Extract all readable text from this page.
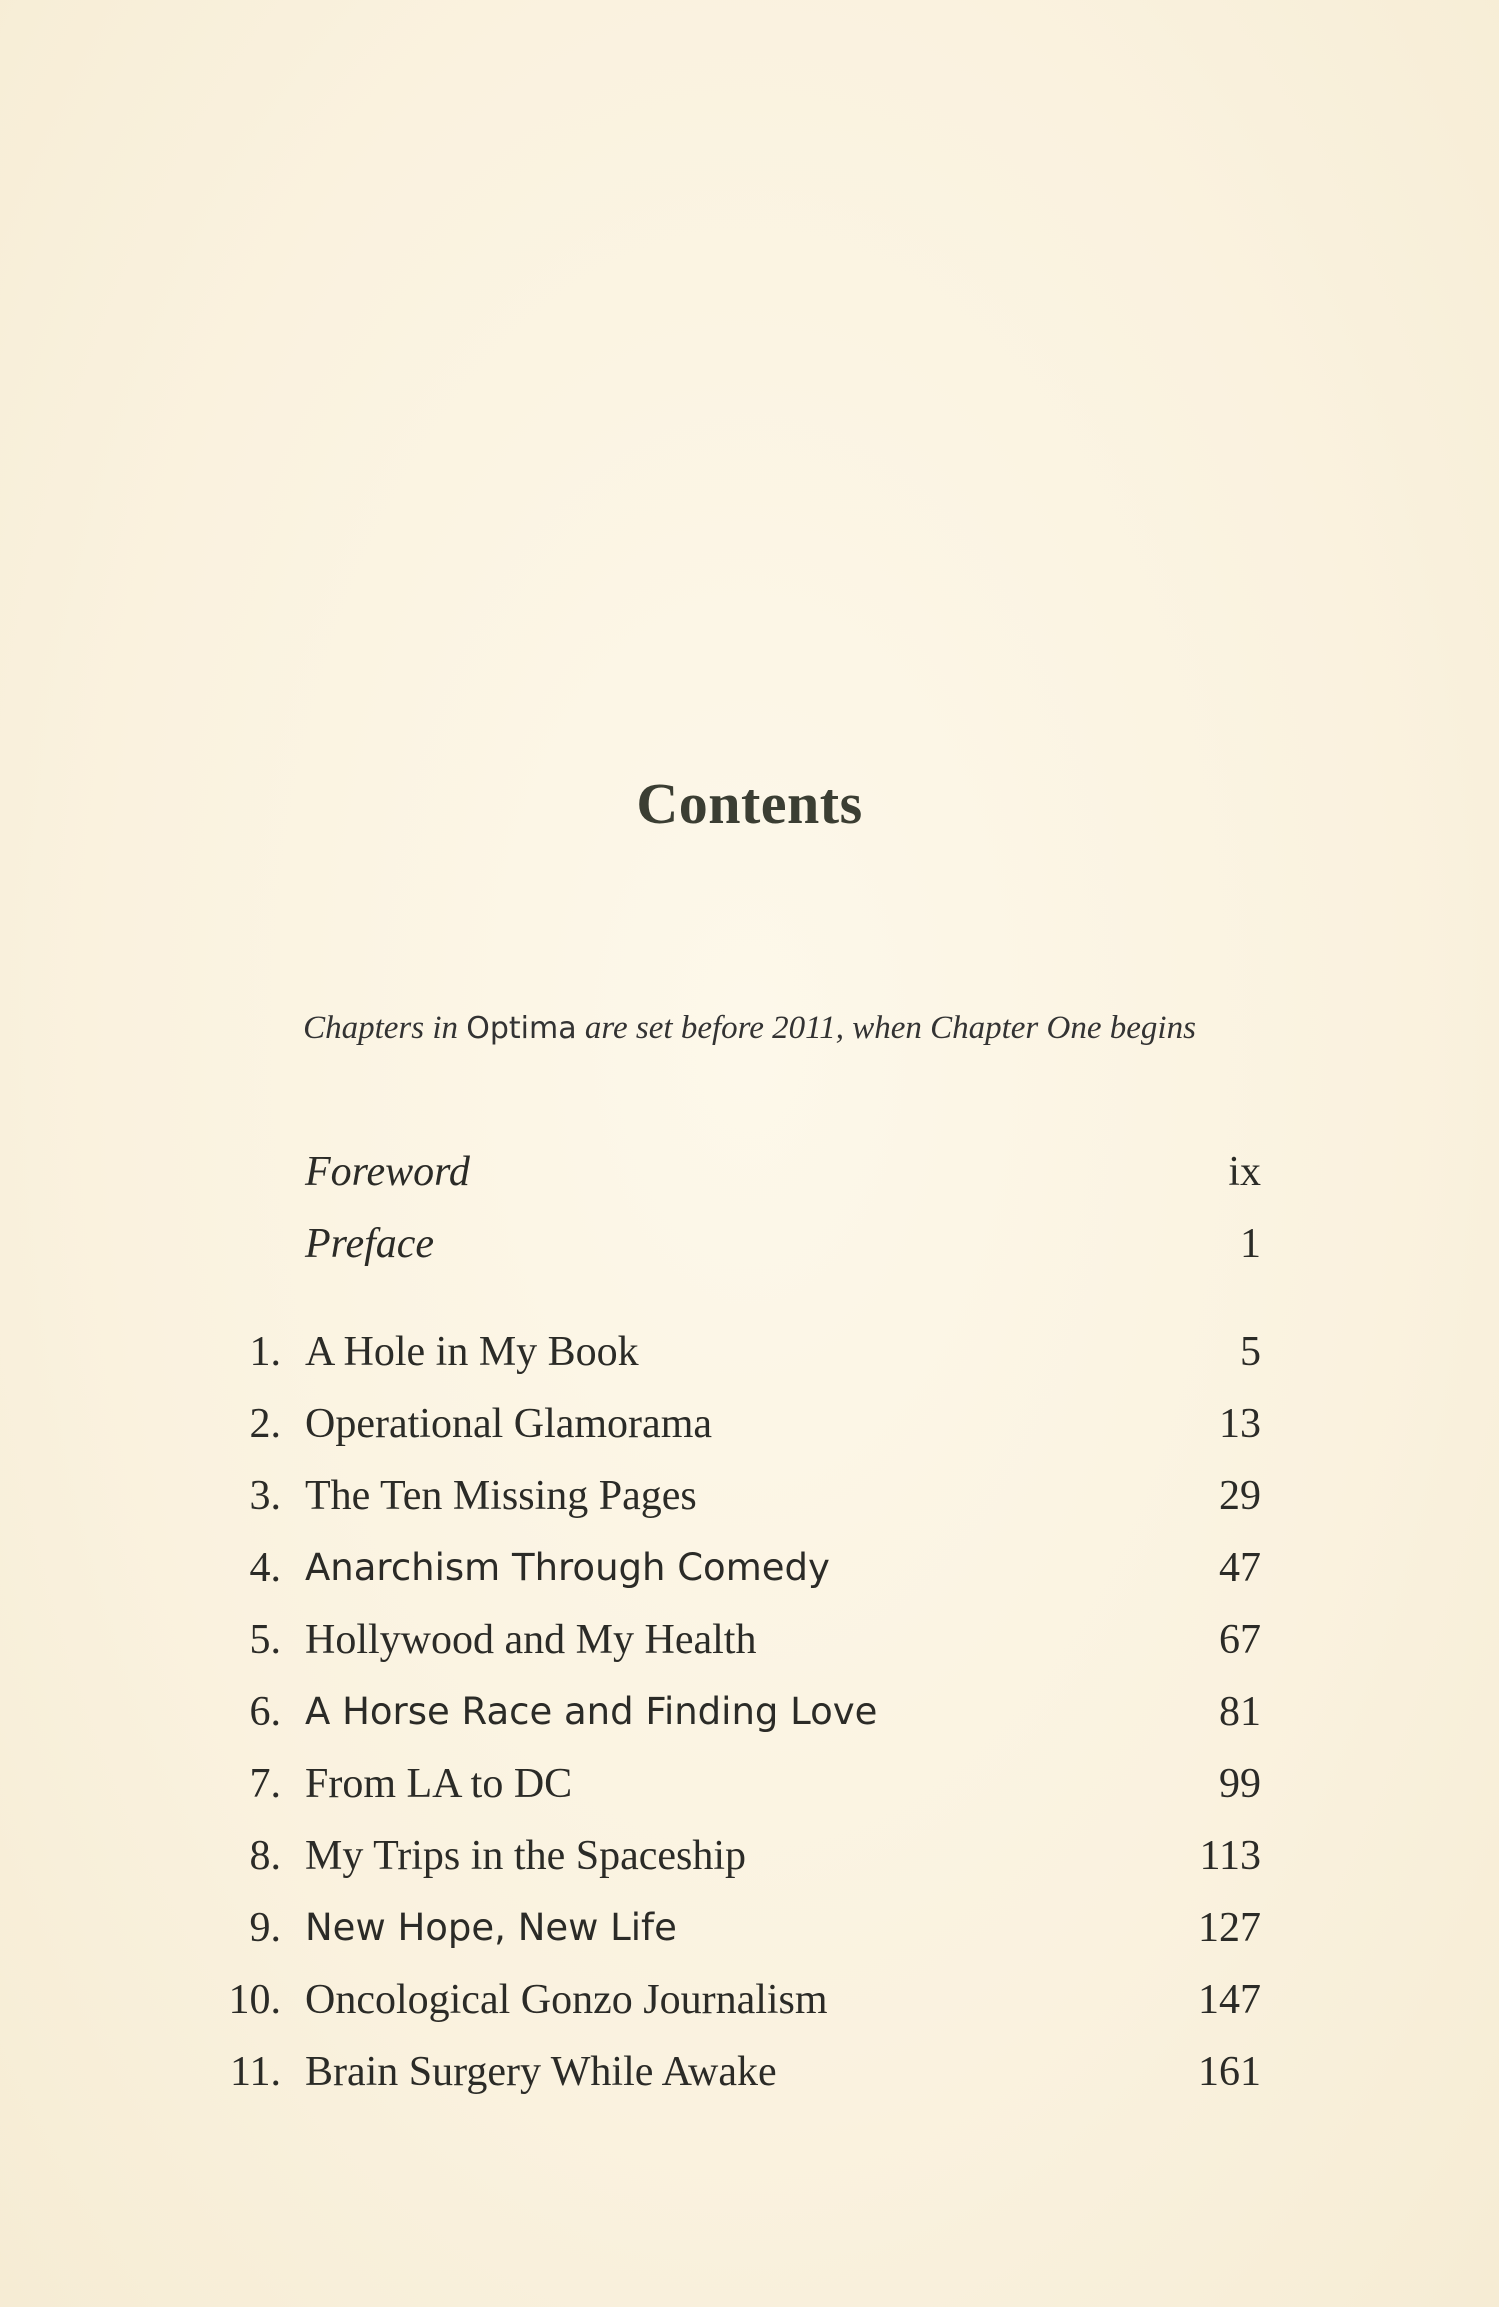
Contents
Chapters in Optima are set before 2011, when Chapter One begins
Foreword	ix
Preface	1
1. A Hole in My Book	5
2. Operational Glamorama	13
3. The Ten Missing Pages	29
4. Anarchism Through Comedy	47
5. Hollywood and My Health	67
6. A Horse Race and Finding Love	81
7. From LA to DC	99
8. My Trips in the Spaceship	113
9. New Hope, New Life	127
10. Oncological Gonzo Journalism	147
11. Brain Surgery While Awake	161
